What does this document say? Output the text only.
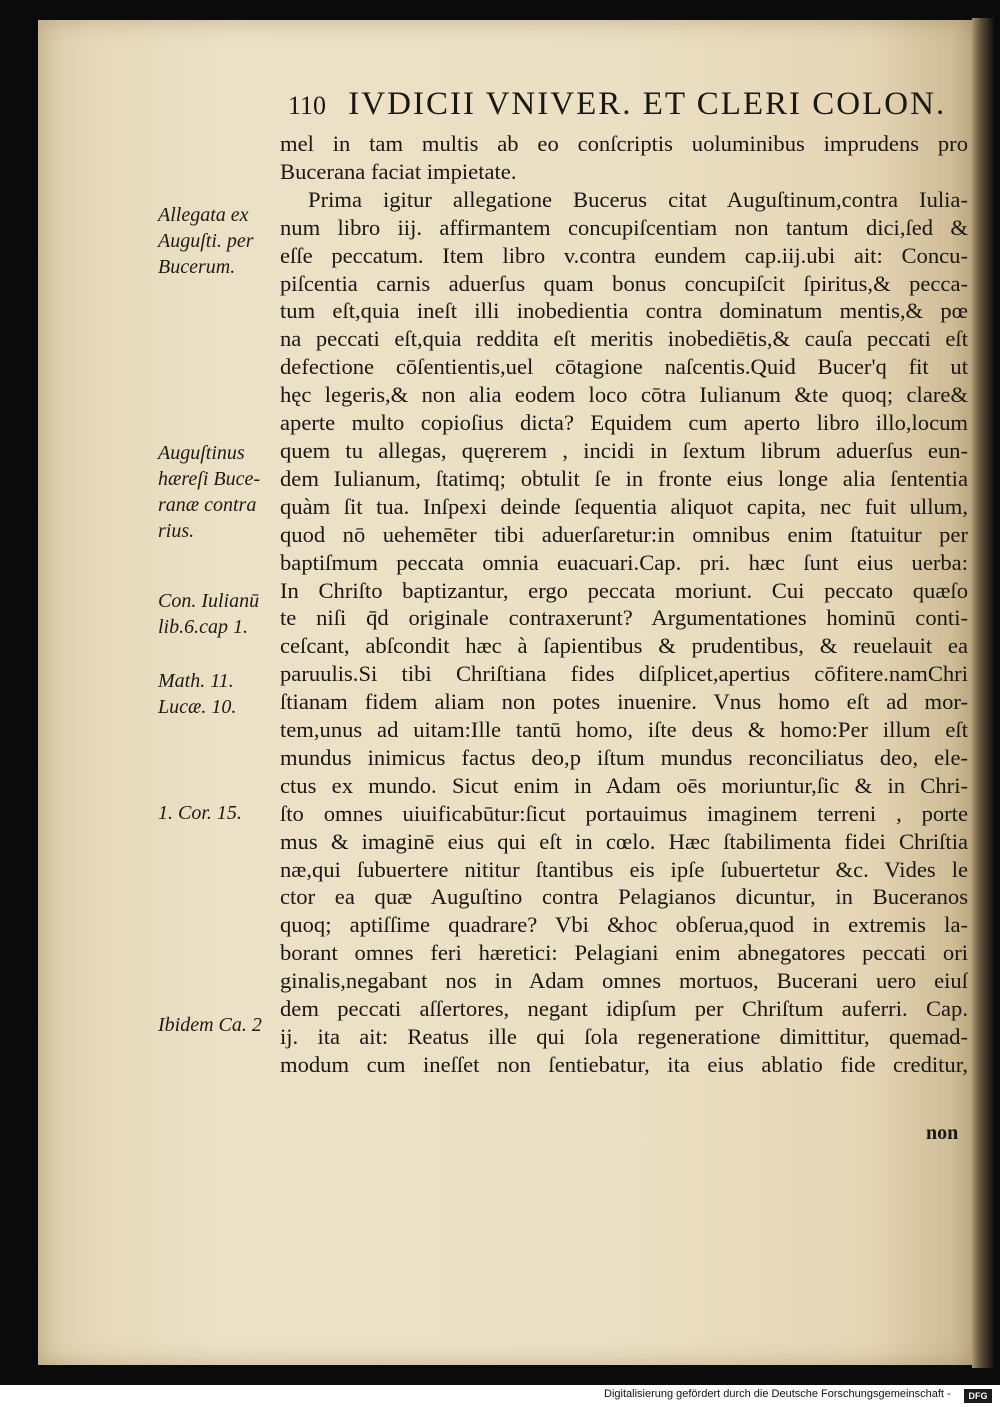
110 IVDICII VNIVER. ET CLERI COLON.
mel in tam multis ab eo conſcriptis uoluminibus imprudens pro
Bucerana faciat impietate.
Prima igitur allegatione Bucerus citat Auguſtinum,contra Iulia-
num libro iij. affirmantem concupiſcentiam non tantum dici,ſed &
eſſe peccatum. Item libro v.contra eundem cap.iij.ubi ait: Concu-
piſcentia carnis aduerſus quam bonus concupiſcit ſpiritus,& pecca-
tum eſt,quia ineſt illi inobedientia contra dominatum mentis,& pœ
na peccati eſt,quia reddita eſt meritis inobediētis,& cauſa peccati eſt
defectione cōſentientis,uel cōtagione naſcentis.Quid Bucer'q fit ut
hęc legeris,& non alia eodem loco cōtra Iulianum &te quoq; clare&
aperte multo copioſius dicta? Equidem cum aperto libro illo,locum
quem tu allegas, quęrerem , incidi in ſextum librum aduerſus eun-
dem Iulianum, ſtatimq; obtulit ſe in fronte eius longe alia ſententia
quàm ſit tua. Inſpexi deinde ſequentia aliquot capita, nec fuit ullum,
quod nō uehemēter tibi aduerſaretur:in omnibus enim ſtatuitur per
baptiſmum peccata omnia euacuari.Cap. pri. hæc ſunt eius uerba:
In Chriſto baptizantur, ergo peccata moriunt. Cui peccato quæſo
te niſi q̄d originale contraxerunt? Argumentationes hominū conti-
ceſcant, abſcondit hæc à ſapientibus & prudentibus, & reuelauit ea
paruulis.Si tibi Chriſtiana fides diſplicet,apertius cōfitere.namChri
ſtianam fidem aliam non potes inuenire. Vnus homo eſt ad mor-
tem,unus ad uitam:Ille tantū homo, iſte deus & homo:Per illum eſt
mundus inimicus factus deo,p iſtum mundus reconciliatus deo, ele-
ctus ex mundo. Sicut enim in Adam oēs moriuntur,ſic & in Chri-
ſto omnes uiuificabūtur:ſicut portauimus imaginem terreni , porte
mus & imaginē eius qui eſt in cœlo. Hæc ſtabilimenta fidei Chriſtia
næ,qui ſubuertere nititur ſtantibus eis ipſe ſubuertetur &c. Vides le
ctor ea quæ Auguſtino contra Pelagianos dicuntur, in Buceranos
quoq; aptiſſime quadrare? Vbi &hoc obſerua,quod in extremis la-
borant omnes feri hæretici: Pelagiani enim abnegatores peccati ori
ginalis,negabant nos in Adam omnes mortuos, Bucerani uero eiuſ
dem peccati aſſertores, negant idipſum per Chriſtum auferri. Cap.
ij. ita ait: Reatus ille qui ſola regeneratione dimittitur, quemad-
modum cum ineſſet non ſentiebatur, ita eius ablatio fide creditur,
Allegata ex Auguſti. per Bucerum.
Auguſtinus hæreſi Buce- ranæ contra rius.
Con. Iulianū lib.6.cap 1.
Math. 11. Lucæ. 10.
1. Cor. 15.
Ibidem Ca. 2
non
Digitalisierung gefördert durch die Deutsche Forschungsgemeinschaft -	DFG
